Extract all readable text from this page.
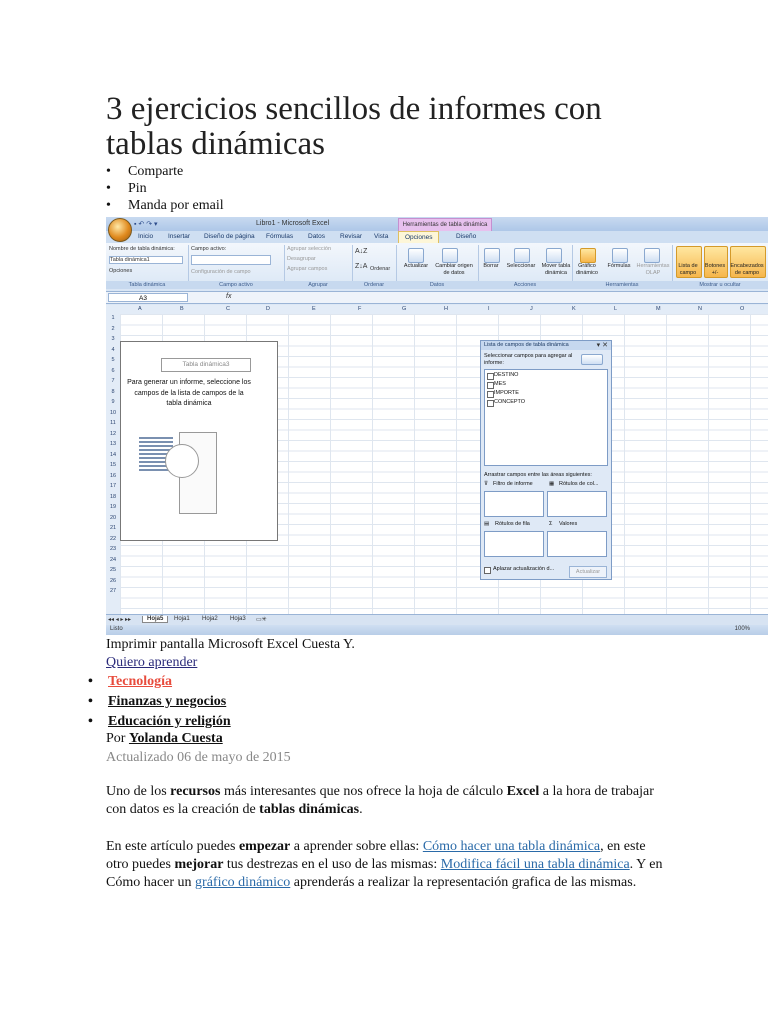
3 ejercicios sencillos de informes con tablas dinámicas
• Comparte
• Pin
• Manda por email
▪ ↶ ↷ ▾	Libro1 - Microsoft Excel	Herramientas de tabla dinámica
Inicio Insertar Diseño de página Fórmulas Datos Revisar Vista	Opciones	Diseño
Nombre de tabla dinámica:
Tabla dinámica1
Opciones
Tabla dinámica
Campo activo:
Configuración de campo
Campo activo
Agrupar selección
Desagrupar
Agrupar campos
Agrupar
A↓Z
Z↓A Ordenar
Ordenar
Actualizar	Cambiar origen de datos
Datos
Borrar	Seleccionar	Mover tabla dinámica
Acciones
Gráfico dinámico
Fórmulas	Herramientas OLAP
Herramientas
Lista de campo
Botones +/-
Encabezados de campo
Mostrar u ocultar
A3	fx
A	B	C	D	E	F	G	H	I	J	K	L	M	N	O
1
2
3
4
5
6
7
8
9
10
11
12
13
14
15
16
17
18
19
20
21
22
23
24
25
26
27
Tabla dinámica3
Para generar un informe, seleccione los campos de la lista de campos de la tabla dinámica
Lista de campos de tabla dinámica	▾ ✕
Seleccionar campos para agregar al informe:
DESTINO
MES
IMPORTE
CONCEPTO
Arrastrar campos entre las áreas siguientes:
⊽ Filtro de informe	▦ Rótulos de col...
▤ Rótulos de fila	Σ Valores
Aplazar actualización d...	Actualizar
◂◂ ◂ ▸ ▸▸	Hoja5	Hoja1 Hoja2 Hoja3 ▭✳
Listo	100%
Imprimir pantalla Microsoft Excel Cuesta Y.
Quiero aprender
• Tecnología
• Finanzas y negocios
• Educación y religión
Por Yolanda Cuesta
Actualizado 06 de mayo de 2015

Uno de los recursos más interesantes que nos ofrece la hoja de cálculo Excel a la hora de trabajar con datos es la creación de tablas dinámicas.

En este artículo puedes empezar a aprender sobre ellas: Cómo hacer una tabla dinámica, en este otro puedes mejorar tus destrezas en el uso de las mismas: Modifica fácil una tabla dinámica. Y en Cómo hacer un gráfico dinámico aprenderás a realizar la representación grafica de las mismas.
